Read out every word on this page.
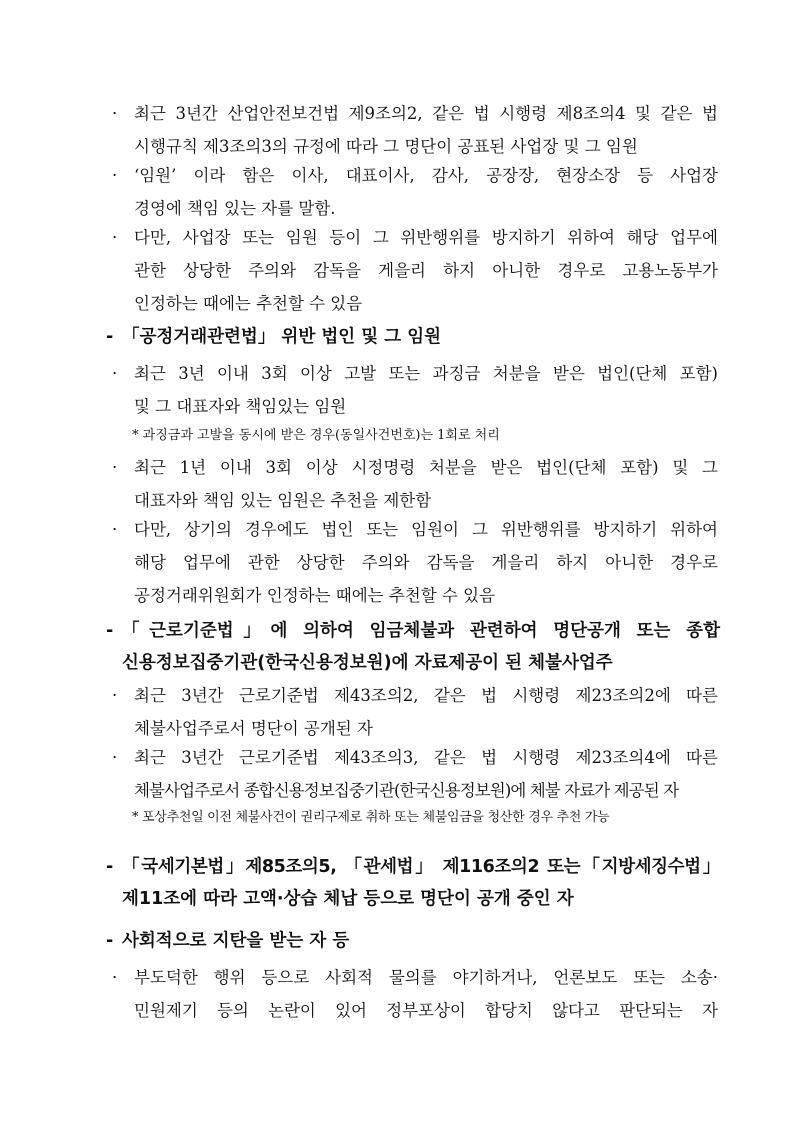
·	최근 3년간 산업안전보건법 제9조의2, 같은 법 시행령 제8조의4 및 같은 법
시행규칙 제3조의3의 규정에 따라 그 명단이 공표된 사업장 및 그 임원
·	‘임원’ 이라 함은 이사, 대표이사, 감사, 공장장, 현장소장 등 사업장
경영에 책임 있는 자를 말함.
·	다만, 사업장 또는 임원 등이 그 위반행위를 방지하기 위하여 해당 업무에
관한 상당한 주의와 감독을 게을리 하지 아니한 경우로 고용노동부가
인정하는 때에는 추천할 수 있음
- 「공정거래관련법」 위반 법인 및 그 임원
·	최근 3년 이내 3회 이상 고발 또는 과징금 처분을 받은 법인(단체 포함)
및 그 대표자와 책임있는 임원
* 과징금과 고발을 동시에 받은 경우(동일사건번호)는 1회로 처리
·	최근 1년 이내 3회 이상 시정명령 처분을 받은 법인(단체 포함) 및 그
대표자와 책임 있는 임원은 추천을 제한함
·	다만, 상기의 경우에도 법인 또는 임원이 그 위반행위를 방지하기 위하여
해당 업무에 관한 상당한 주의와 감독을 게을리 하지 아니한 경우로
공정거래위원회가 인정하는 때에는 추천할 수 있음
- 「근로기준법」에 의하여 임금체불과 관련하여 명단공개 또는 종합
신용정보집중기관(한국신용정보원)에 자료제공이 된 체불사업주
·	최근 3년간 근로기준법 제43조의2, 같은 법 시행령 제23조의2에 따른
체불사업주로서 명단이 공개된 자
·	최근 3년간 근로기준법 제43조의3, 같은 법 시행령 제23조의4에 따른
체불사업주로서 종합신용정보집중기관(한국신용정보원)에 체불 자료가 제공된 자
* 포상추천일 이전 체불사건이 권리구제로 취하 또는 체불임금을 청산한 경우 추천 가능
- 「국세기본법」제85조의5, 「관세법」 제116조의2 또는「지방세징수법」
제11조에 따라 고액·상습 체납 등으로 명단이 공개 중인 자
- 사회적으로 지탄을 받는 자 등
·	부도덕한 행위 등으로 사회적 물의를 야기하거나, 언론보도 또는 소송·
민원제기 등의 논란이 있어 정부포상이 합당치 않다고 판단되는 자
